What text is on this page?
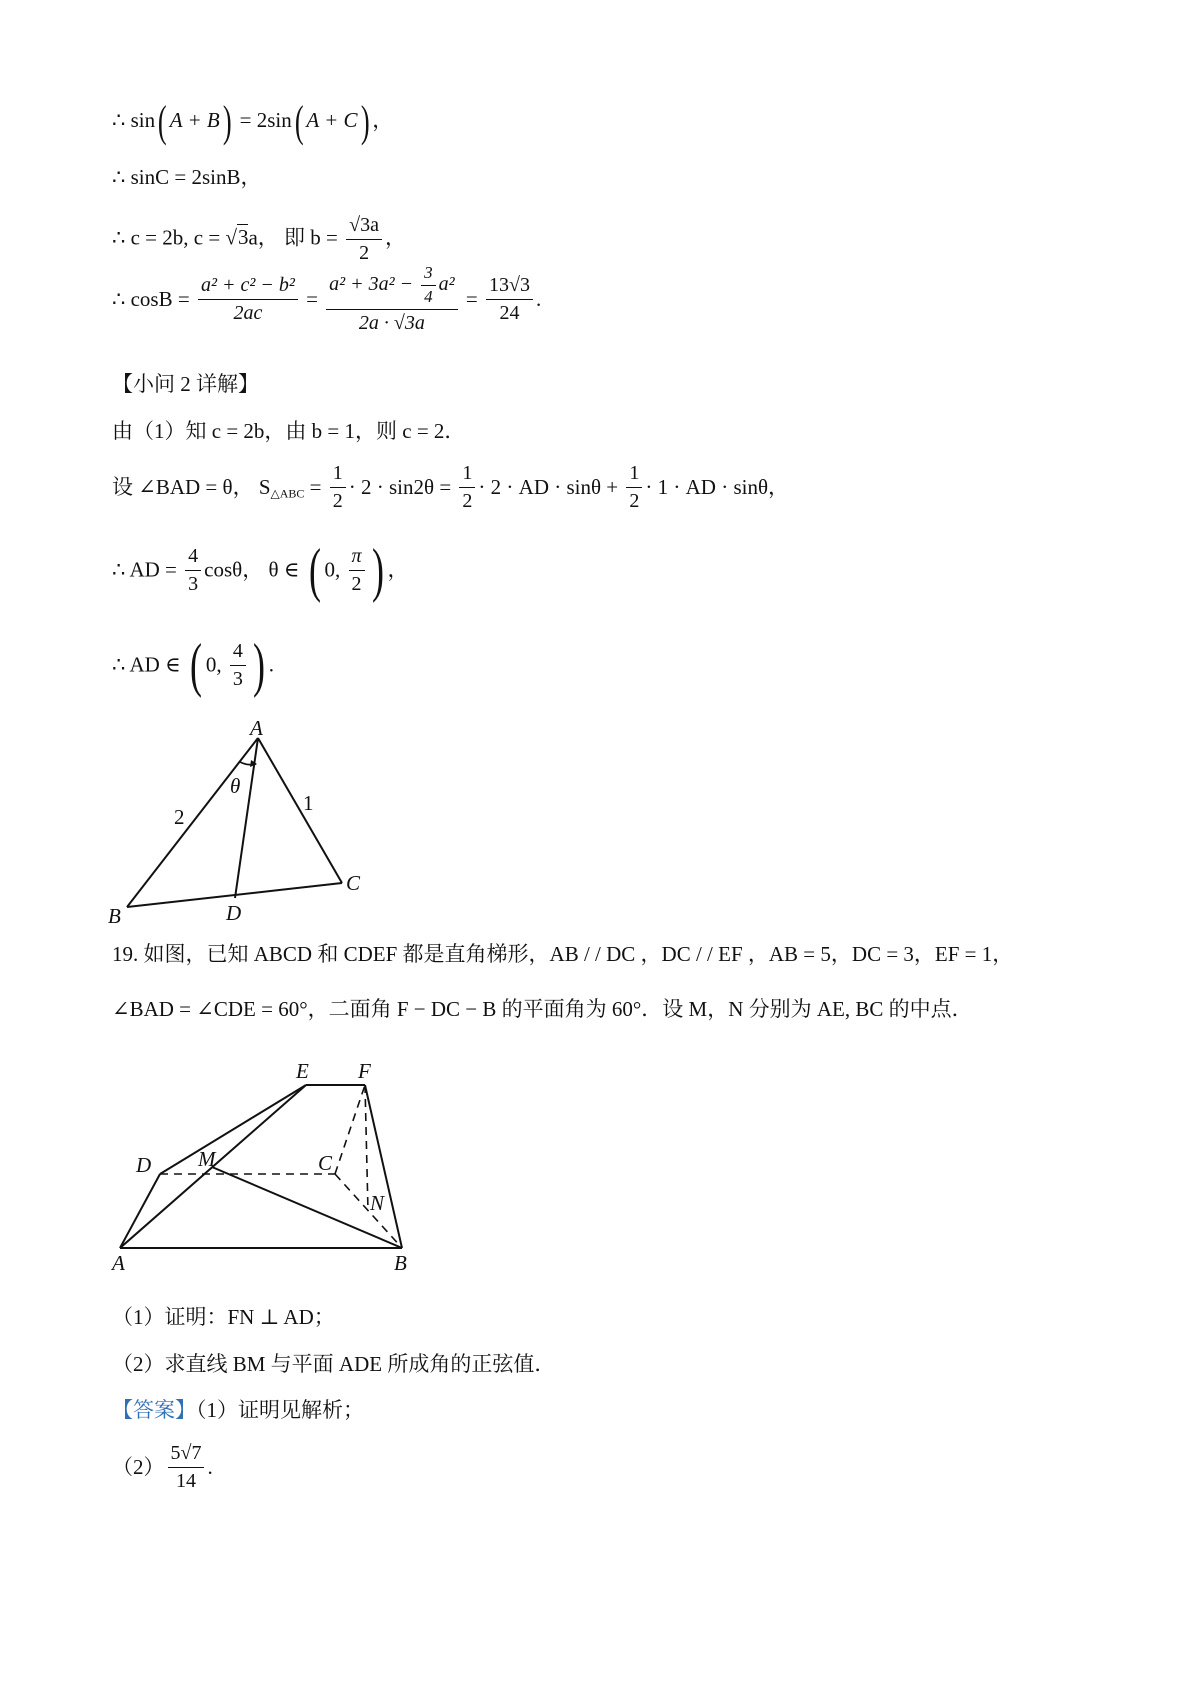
∴ sin( A + B) = 2sin( A + C) ，
∴ sinC = 2sinB，
∴ c = 2b, c = √3a， 即 $b = \frac{√3a}{2}$ ，
∴ $\cos B = \frac{\text{a² + c² − b²}}{2ac} = \frac{a^2 + 3a^2 - \frac{3}{4} a^2}{2a \cdot √3a} = \frac{13√3}{24}$ .
【小问 2 详解】
由（1）知 c = 2b，由 b = 1，则 c = 2．
设 ∠BAD = θ， $S_{\triangle ABC} = \frac{1}{2} \cdot 2 \cdot \sin 2\theta = \frac{1}{2} \cdot 2$ · AD · $\sin\theta + \frac{1}{2} \cdot 1$ · AD · sinθ，
∴ AD = $\frac{4}{3}$ cosθ， θ ∈ ( 0, $\frac{\pi}{2}$ ) ，
∴ AD ∈ ( 0, $\frac{4}{3}$ ) .
A
θ
2
1
B	D
C
19. 如图，已知 ABCD 和 CDEF 都是直角梯形，AB / / DC ，DC / / EF ，AB = 5，DC = 3，EF = 1，
∠BAD = ∠CDE = 60°，二面角 F − DC − B 的平面角为 60°．设 M，N 分别为 AE, BC 的中点．
E F
D M	C
N
A	B
（1）证明：FN ⊥ AD；
（2）求直线 BM 与平面 ADE 所成角的正弦值．
【答案】（1）证明见解析；
$(2) \frac{5√7}{14}$ .
